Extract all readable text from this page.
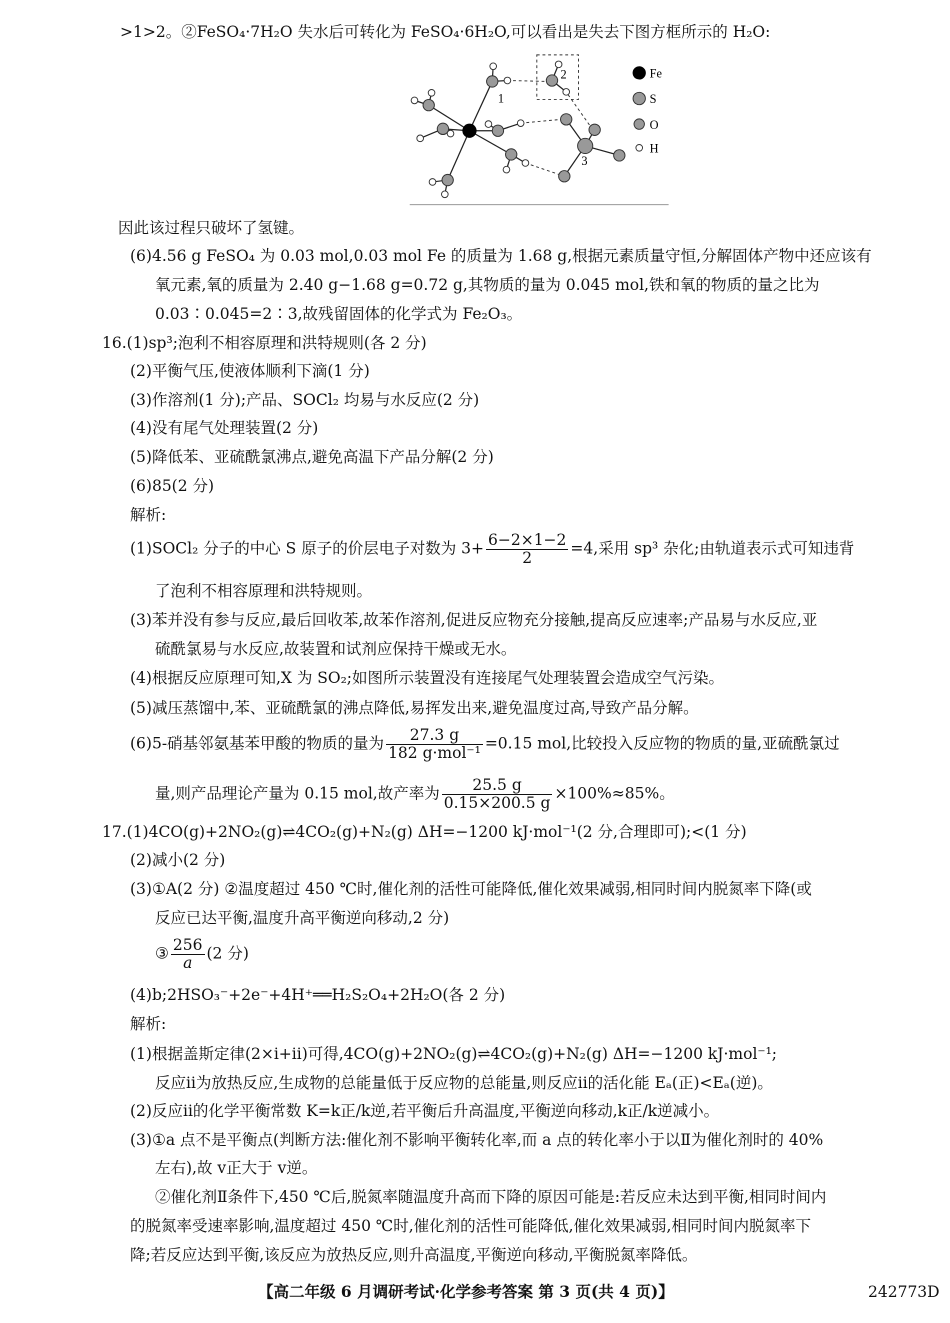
>1>2。②FeSO₄·7H₂O 失水后可转化为 FeSO₄·6H₂O,可以看出是失去下图方框所示的 H₂O:
1
2
3
Fe
S
O
H
因此该过程只破坏了氢键。
(6)4.56 g FeSO₄ 为 0.03 mol,0.03 mol Fe 的质量为 1.68 g,根据元素质量守恒,分解固体产物中还应该有
氧元素,氧的质量为 2.40 g−1.68 g=0.72 g,其物质的量为 0.045 mol,铁和氧的物质的量之比为
0.03∶0.045=2∶3,故残留固体的化学式为 Fe₂O₃。
16.(1)sp³;泡利不相容原理和洪特规则(各 2 分)
(2)平衡气压,使液体顺利下滴(1 分)
(3)作溶剂(1 分);产品、SOCl₂ 均易与水反应(2 分)
(4)没有尾气处理装置(2 分)
(5)降低苯、亚硫酰氯沸点,避免高温下产品分解(2 分)
(6)85(2 分)
解析:
(1)SOCl₂ 分子的中心 S 原子的价层电子对数为 $3+ \frac{6-2\times 1-2}{2} =4$,采用 sp³ 杂化;由轨道表示式可知违背
了泡利不相容原理和洪特规则。
(3)苯并没有参与反应,最后回收苯,故苯作溶剂,促进反应物充分接触,提高反应速率;产品易与水反应,亚
硫酰氯易与水反应,故装置和试剂应保持干燥或无水。
(4)根据反应原理可知,X 为 SO₂;如图所示装置没有连接尾气处理装置会造成空气污染。
(5)减压蒸馏中,苯、亚硫酰氯的沸点降低,易挥发出来,避免温度过高,导致产品分解。
(6)5-硝基邻氨基苯甲酸的物质的量为 $\frac{27.3 g}{\text{182 g·mol⁻¹}} =0.15$ mol,比较投入反应物的物质的量,亚硫酰氯过
量,则产品理论产量为 0.15 mol,故产率为 $\frac{25.5 g}{0.15\times 200.5 g} \times 100\%\approx 85\%$。
17.(1)4CO(g)+2NO₂(g)⇌4CO₂(g)+N₂(g) ΔH=−1200 kJ·mol⁻¹(2 分,合理即可);<(1 分)
(2)减小(2 分)
(3)①A(2 分) ②温度超过 450 ℃时,催化剂的活性可能降低,催化效果减弱,相同时间内脱氮率下降(或
反应已达平衡,温度升高平衡逆向移动,2 分)
③ $\frac{256}{a} (2$ 分)
(4)b;2HSO₃⁻+2e⁻+4H⁺══H₂S₂O₄+2H₂O(各 2 分)
解析:
(1)根据盖斯定律(2×ⅰ+ⅱ)可得,4CO(g)+2NO₂(g)⇌4CO₂(g)+N₂(g) ΔH=−1200 kJ·mol⁻¹;
反应ⅱ为放热反应,生成物的总能量低于反应物的总能量,则反应ⅱ的活化能 Eₐ(正)<Eₐ(逆)。
(2)反应ⅱ的化学平衡常数 K=k正/k逆,若平衡后升高温度,平衡逆向移动,k正/k逆减小。
(3)①a 点不是平衡点(判断方法:催化剂不影响平衡转化率,而 a 点的转化率小于以Ⅱ为催化剂时的 40%
左右),故 v正大于 v逆。
②催化剂Ⅱ条件下,450 ℃后,脱氮率随温度升高而下降的原因可能是:若反应未达到平衡,相同时间内
的脱氮率受速率影响,温度超过 450 ℃时,催化剂的活性可能降低,催化效果减弱,相同时间内脱氮率下
降;若反应达到平衡,该反应为放热反应,则升高温度,平衡逆向移动,平衡脱氮率降低。
【高二年级 6 月调研考试·化学参考答案 第 3 页(共 4 页)】	242773D
